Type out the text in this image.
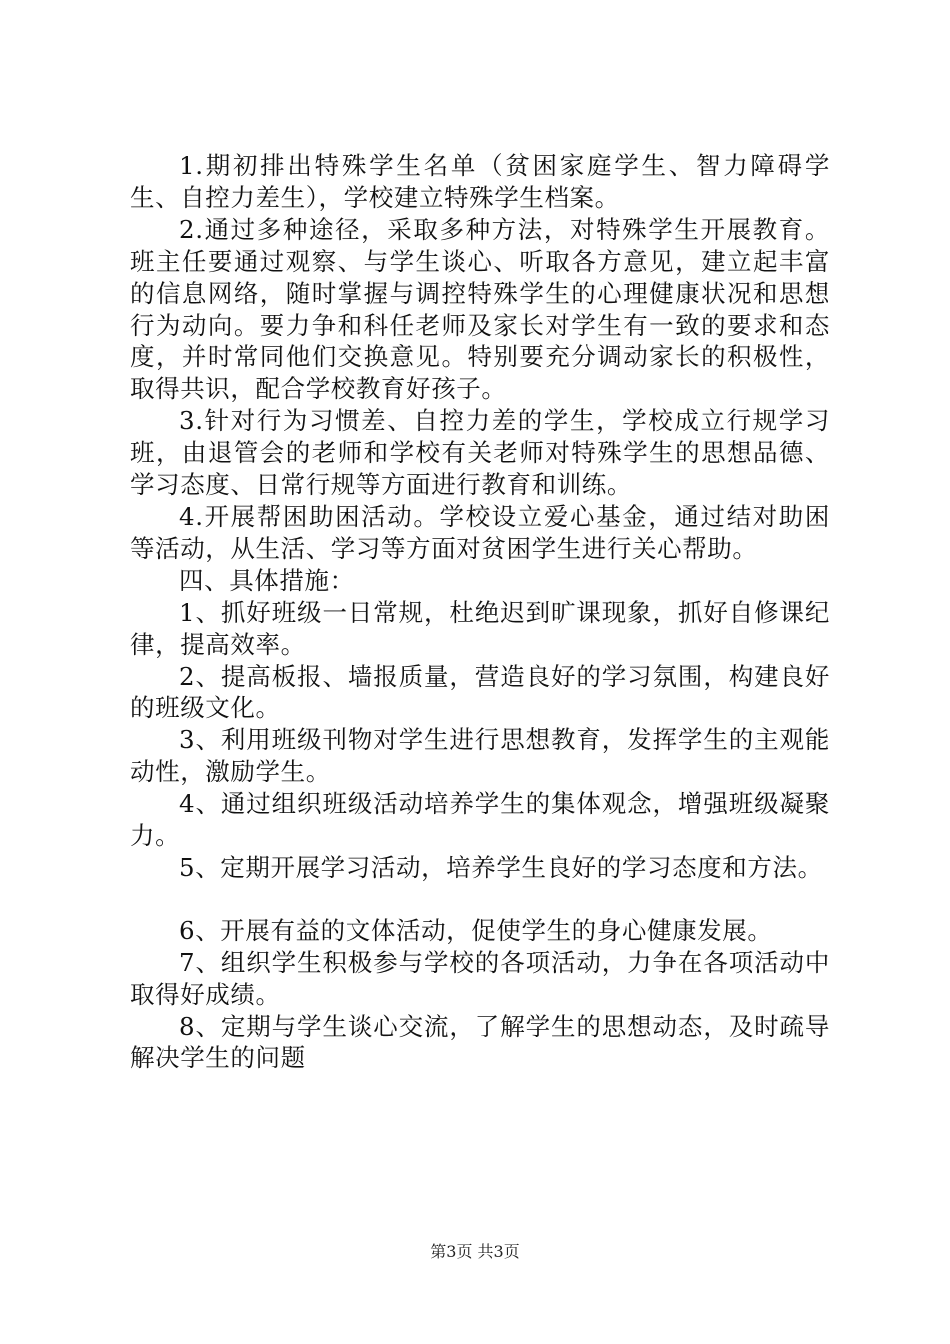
1.期初排出特殊学生名单（贫困家庭学生、智力障碍学生、自控力差生），学校建立特殊学生档案。

2.通过多种途径，采取多种方法，对特殊学生开展教育。班主任要通过观察、与学生谈心、听取各方意见，建立起丰富的信息网络，随时掌握与调控特殊学生的心理健康状况和思想行为动向。要力争和科任老师及家长对学生有一致的要求和态度，并时常同他们交换意见。特别要充分调动家长的积极性，取得共识，配合学校教育好孩子。

3.针对行为习惯差、自控力差的学生，学校成立行规学习班，由退管会的老师和学校有关老师对特殊学生的思想品德、学习态度、日常行规等方面进行教育和训练。

4.开展帮困助困活动。学校设立爱心基金，通过结对助困等活动，从生活、学习等方面对贫困学生进行关心帮助。

四、具体措施：

1、抓好班级一日常规，杜绝迟到旷课现象，抓好自修课纪律，提高效率。

2、提高板报、墙报质量，营造良好的学习氛围，构建良好的班级文化。

3、利用班级刊物对学生进行思想教育，发挥学生的主观能动性，激励学生。

4、通过组织班级活动培养学生的集体观念，增强班级凝聚力。

5、定期开展学习活动，培养学生良好的学习态度和方法。

6、开展有益的文体活动，促使学生的身心健康发展。

7、组织学生积极参与学校的各项活动，力争在各项活动中取得好成绩。

8、定期与学生谈心交流，了解学生的思想动态，及时疏导解决学生的问题

第3页 共3页
